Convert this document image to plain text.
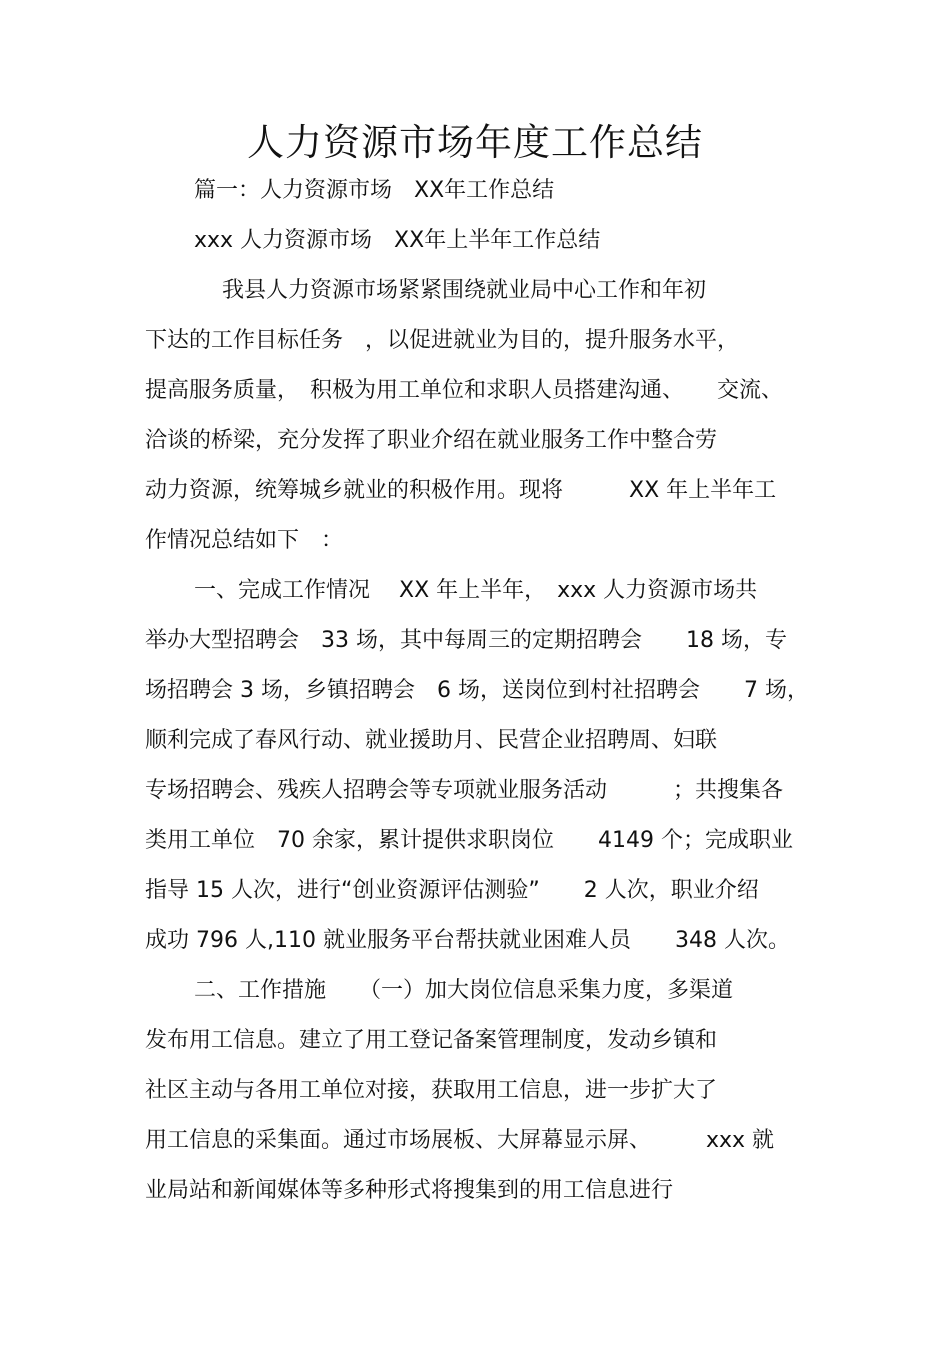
人力资源市场年度工作总结
篇一：人力资源市场　XX年工作总结
xxx 人力资源市场　XX年上半年工作总结
我县人力资源市场紧紧围绕就业局中心工作和年初
下达的工作目标任务　，以促进就业为目的，提升服务水平，
提高服务质量，　积极为用工单位和求职人员搭建沟通、　　交流、
洽谈的桥梁，充分发挥了职业介绍在就业服务工作中整合劳
动力资源，统筹城乡就业的积极作用。现将　　　XX 年上半年工
作情况总结如下　：
一、完成工作情况　 XX 年上半年，　xxx 人力资源市场共
举办大型招聘会　33 场，其中每周三的定期招聘会　　18 场，专
场招聘会 3 场，乡镇招聘会　6 场，送岗位到村社招聘会　　7 场，
顺利完成了春风行动、就业援助月、民营企业招聘周、妇联
专场招聘会、残疾人招聘会等专项就业服务活动　　　；共搜集各
类用工单位　70 余家，累计提供求职岗位　　4149 个；完成职业
指导 15 人次，进行“创业资源评估测验”　　2 人次，职业介绍
成功 796 人,110 就业服务平台帮扶就业困难人员　　348 人次。
二、工作措施　　（一）加大岗位信息采集力度，多渠道
发布用工信息。建立了用工登记备案管理制度，发动乡镇和
社区主动与各用工单位对接，获取用工信息，进一步扩大了
用工信息的采集面。通过市场展板、大屏幕显示屏、　　　xxx 就
业局站和新闻媒体等多种形式将搜集到的用工信息进行
